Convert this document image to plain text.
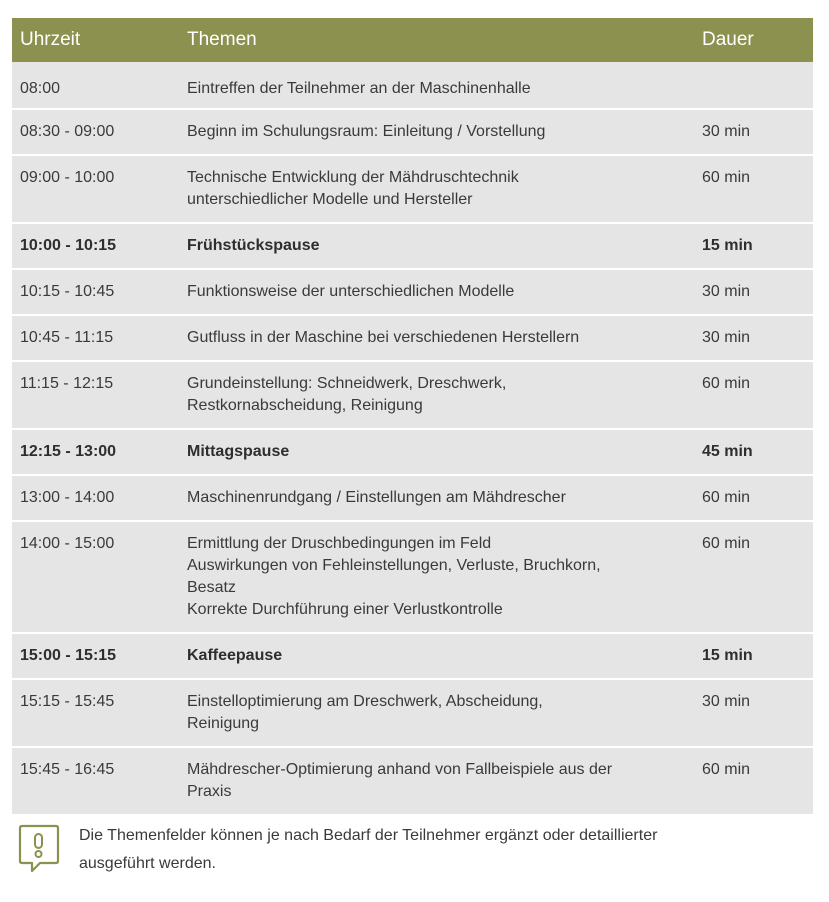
Uhrzeit	Themen	Dauer
08:00	Eintreffen der Teilnehmer an der Maschinenhalle	

08:30 - 09:00	Beginn im Schulungsraum: Einleitung / Vorstellung	30 min
09:00 - 10:00	Technische Entwicklung der Mähdruschtechnik
unterschiedlicher Modelle und Hersteller	60 min
10:00 - 10:15	Frühstückspause	15 min
10:15 - 10:45	Funktionsweise der unterschiedlichen Modelle	30 min
10:45 - 11:15	Gutfluss in der Maschine bei verschiedenen Herstellern	30 min
11:15 - 12:15	Grundeinstellung: Schneidwerk, Dreschwerk,
Restkornabscheidung, Reinigung	60 min
12:15 - 13:00	Mittagspause	45 min
13:00 - 14:00	Maschinenrundgang / Einstellungen am Mähdrescher	60 min
14:00 - 15:00	Ermittlung der Druschbedingungen im Feld
Auswirkungen von Fehleinstellungen, Verluste, Bruchkorn,
Besatz
Korrekte Durchführung einer Verlustkontrolle	60 min
15:00 - 15:15	Kaffeepause	15 min
15:15 - 15:45	Einstelloptimierung am Dreschwerk, Abscheidung,
Reinigung	30 min
15:45 - 16:45	Mähdrescher-Optimierung anhand von Fallbeispiele aus der
Praxis	60 min
Die Themenfelder können je nach Bedarf der Teilnehmer ergänzt oder detaillierter
ausgeführt werden.
